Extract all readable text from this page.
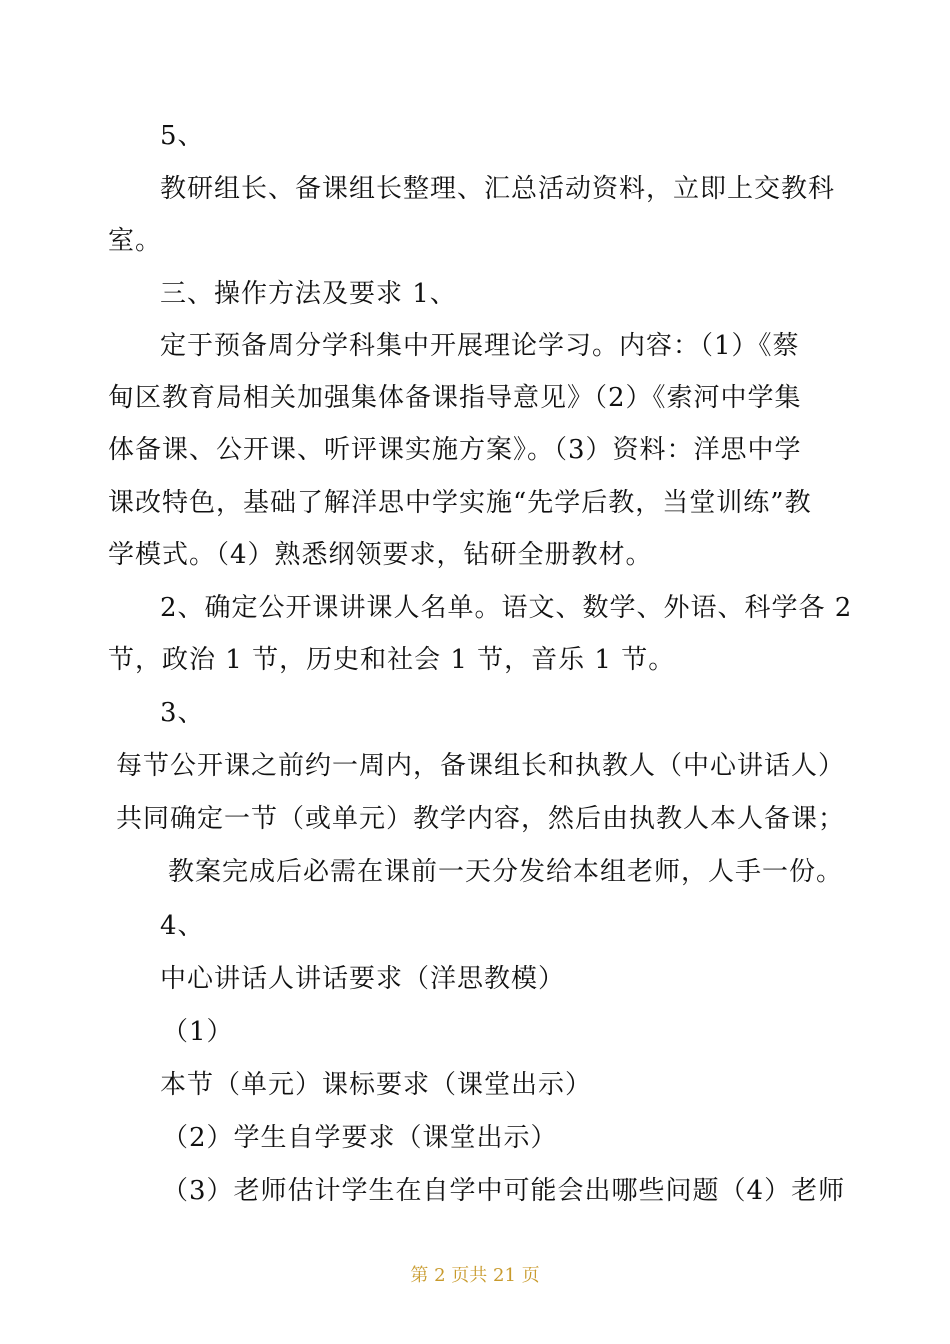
5、
教研组长、备课组长整理、汇总活动资料，立即上交教科
室。
三、操作方法及要求 1、
定于预备周分学科集中开展理论学习。内容：（1）《蔡
甸区教育局相关加强集体备课指导意见》（2）《索河中学集
体备课、公开课、听评课实施方案》。（3）资料：洋思中学
课改特色，基础了解洋思中学实施“先学后教，当堂训练”教
学模式。（4）熟悉纲领要求，钻研全册教材。
2、确定公开课讲课人名单。语文、数学、外语、科学各 2
节，政治 1 节，历史和社会 1 节，音乐 1 节。
3、
每节公开课之前约一周内，备课组长和执教人（中心讲话人）
共同确定一节（或单元）教学内容，然后由执教人本人备课；
教案完成后必需在课前一天分发给本组老师，人手一份。
4、
中心讲话人讲话要求（洋思教模）
（1）
本节（单元）课标要求（课堂出示）
（2）学生自学要求（课堂出示）
（3）老师估计学生在自学中可能会出哪些问题（4）老师
第 2 页共 21 页
